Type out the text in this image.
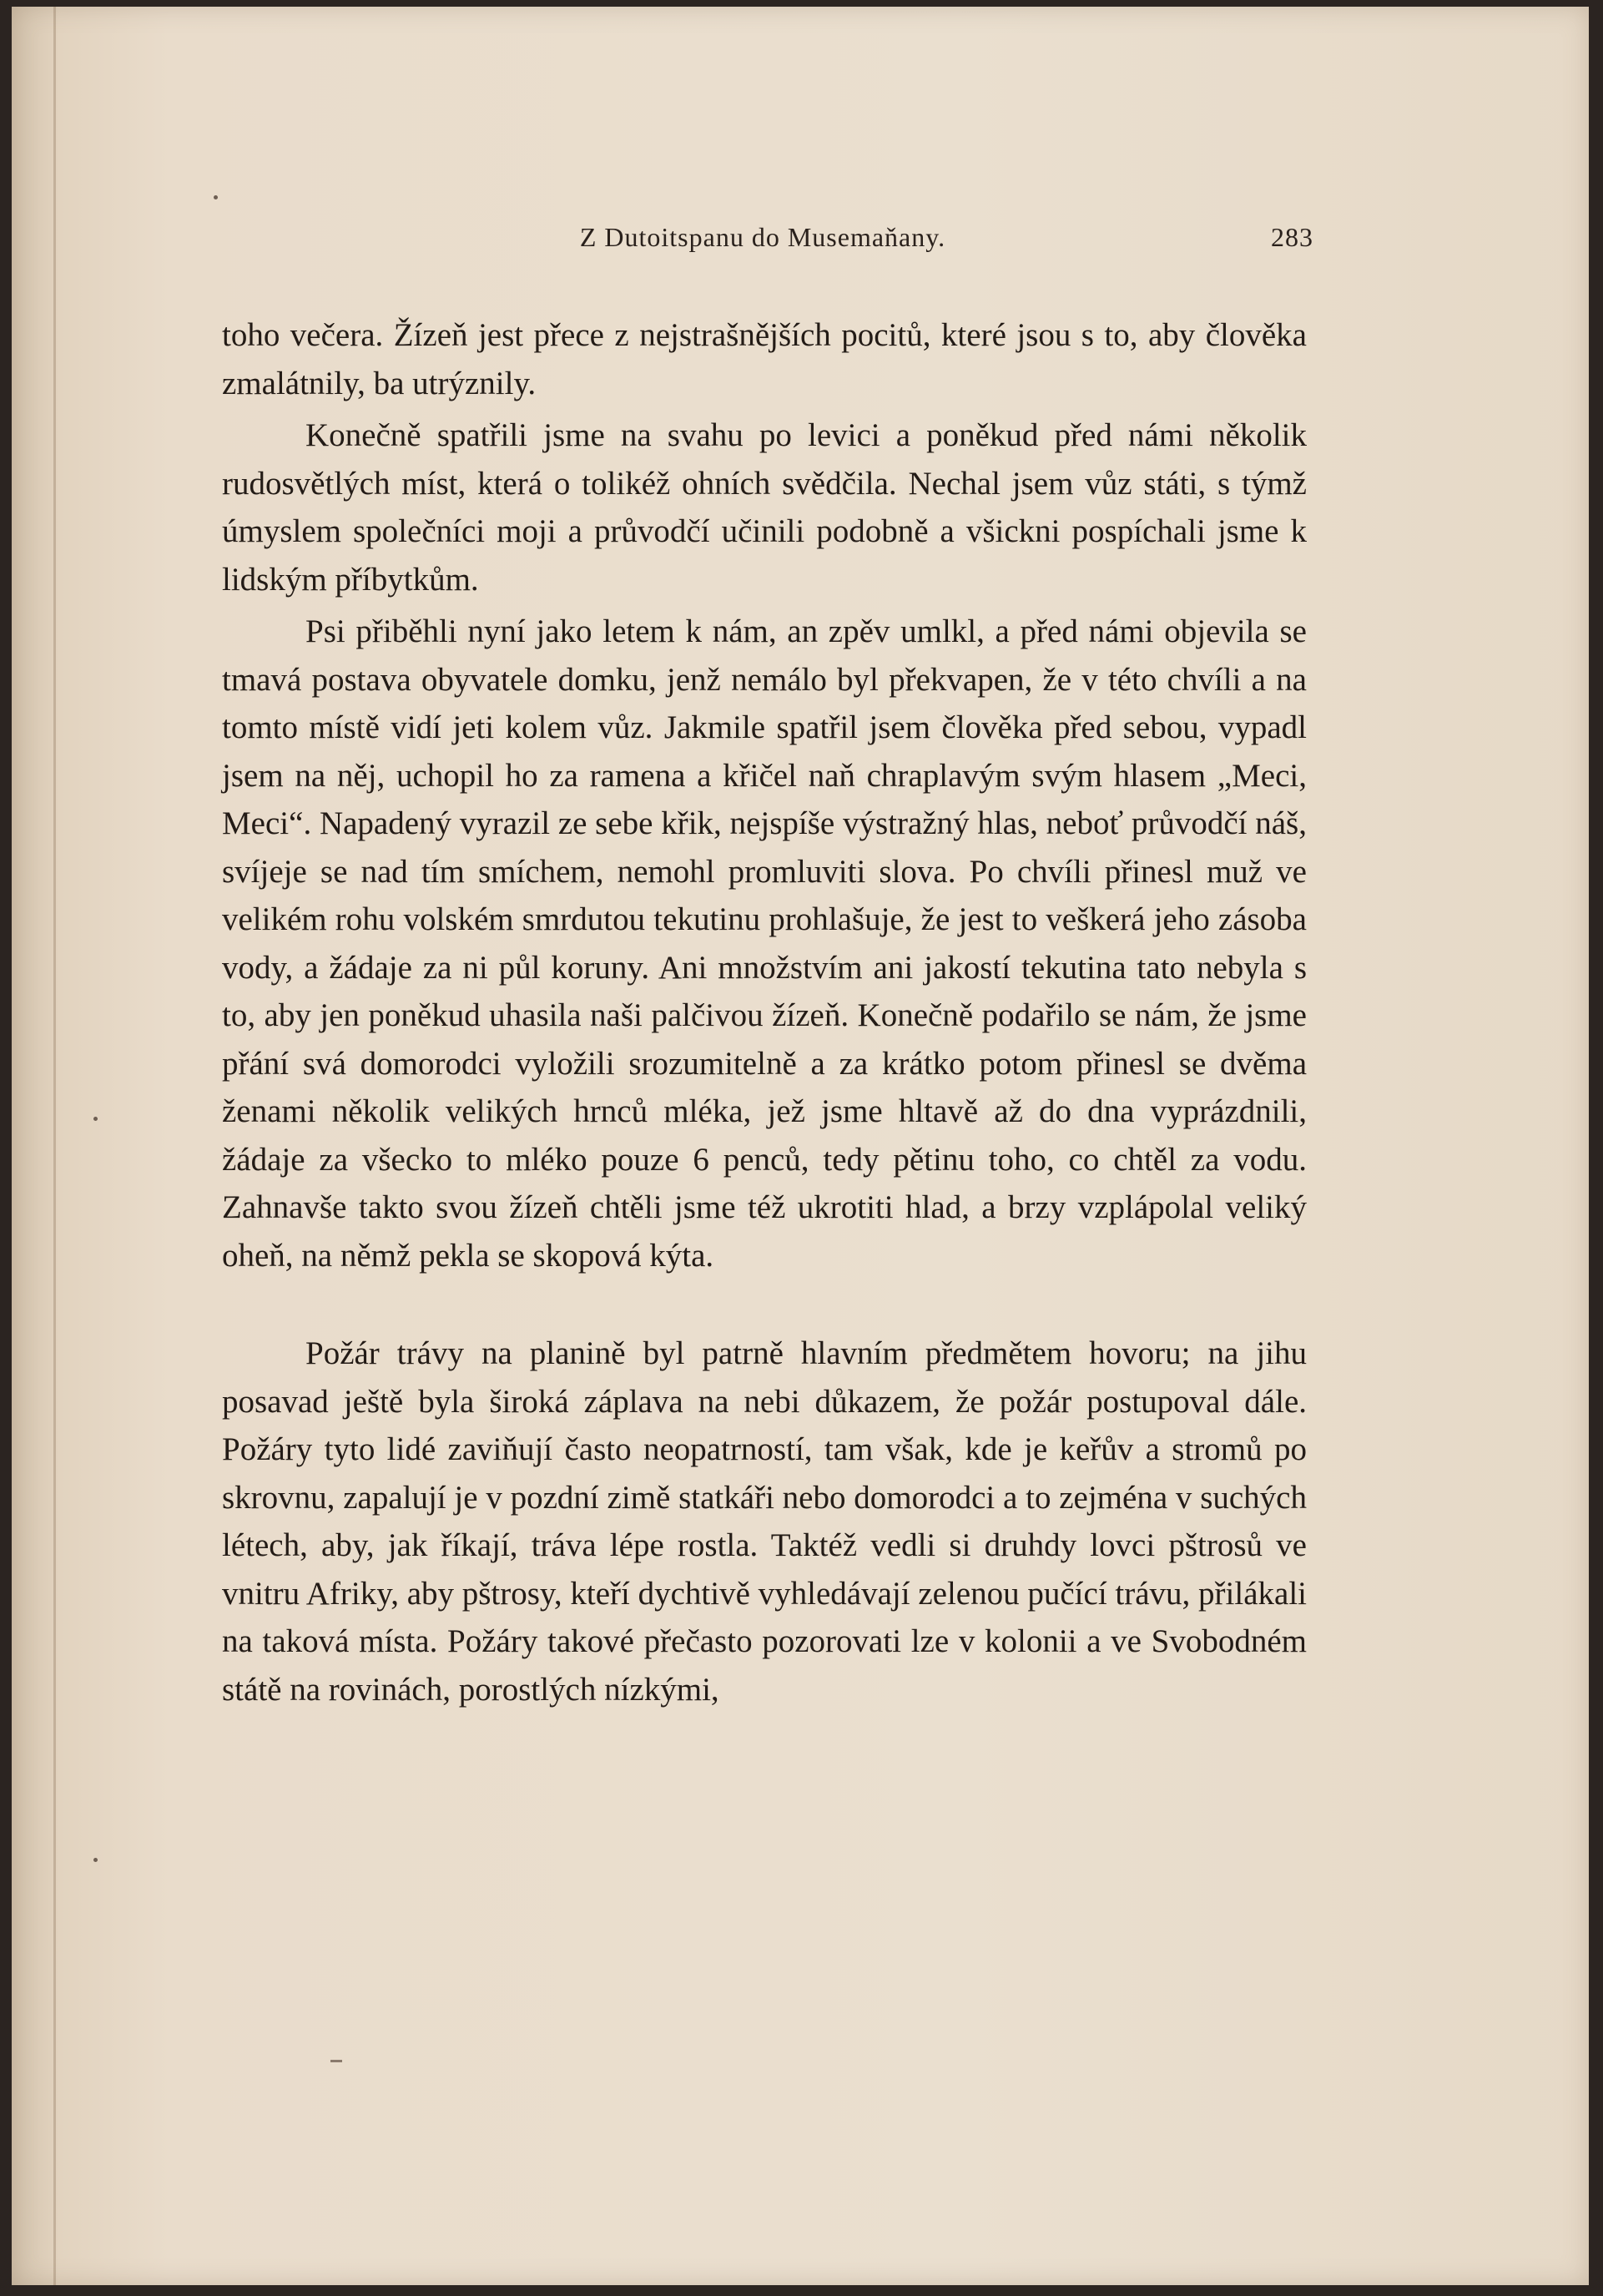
Z Dutoitspanu do Musemaňany.	283

toho večera. Žízeň jest přece z nejstrašnějších pocitů, které jsou s to, aby člověka zmalátnily, ba utrýznily.

Konečně spatřili jsme na svahu po levici a poněkud před námi několik rudosvětlých míst, která o tolikéž ohních svědčila. Nechal jsem vůz státi, s týmž úmyslem společníci moji a průvodčí učinili podobně a všickni pospíchali jsme k lidským příbytkům.

Psi přiběhli nyní jako letem k nám, an zpěv umlkl, a před námi objevila se tmavá postava obyvatele domku, jenž nemálo byl překvapen, že v této chvíli a na tomto místě vidí jeti kolem vůz. Jakmile spatřil jsem člověka před sebou, vypadl jsem na něj, uchopil ho za ramena a křičel naň chraplavým svým hlasem „Meci, Meci“. Napadený vyrazil ze sebe křik, nejspíše výstražný hlas, neboť průvodčí náš, svíjeje se nad tím smíchem, nemohl promluviti slova. Po chvíli přinesl muž ve velikém rohu volském smrdutou tekutinu prohlašuje, že jest to veškerá jeho zásoba vody, a žádaje za ni půl koruny. Ani množstvím ani jakostí tekutina tato nebyla s to, aby jen poněkud uhasila naši palčivou žízeň. Konečně podařilo se nám, že jsme přání svá domorodci vyložili srozumitelně a za krátko potom přinesl se dvěma ženami několik velikých hrnců mléka, jež jsme hltavě až do dna vyprázdnili, žádaje za všecko to mléko pouze 6 penců, tedy pětinu toho, co chtěl za vodu. Zahnavše takto svou žízeň chtěli jsme též ukrotiti hlad, a brzy vzplápolal veliký oheň, na němž pekla se skopová kýta.

Požár trávy na planině byl patrně hlavním předmětem hovoru; na jihu posavad ještě byla široká záplava na nebi důkazem, že požár postupoval dále. Požáry tyto lidé zaviňují často neopatrností, tam však, kde je keřův a stromů po skrovnu, zapalují je v pozdní zimě statkáři nebo domorodci a to zejména v suchých létech, aby, jak říkají, tráva lépe rostla. Taktéž vedli si druhdy lovci pštrosů ve vnitru Afriky, aby pštrosy, kteří dychtivě vyhledávají zelenou pučící trávu, přilákali na taková místa. Požáry takové přečasto pozorovati lze v kolonii a ve Svobodném státě na rovinách, porostlých nízkými,
